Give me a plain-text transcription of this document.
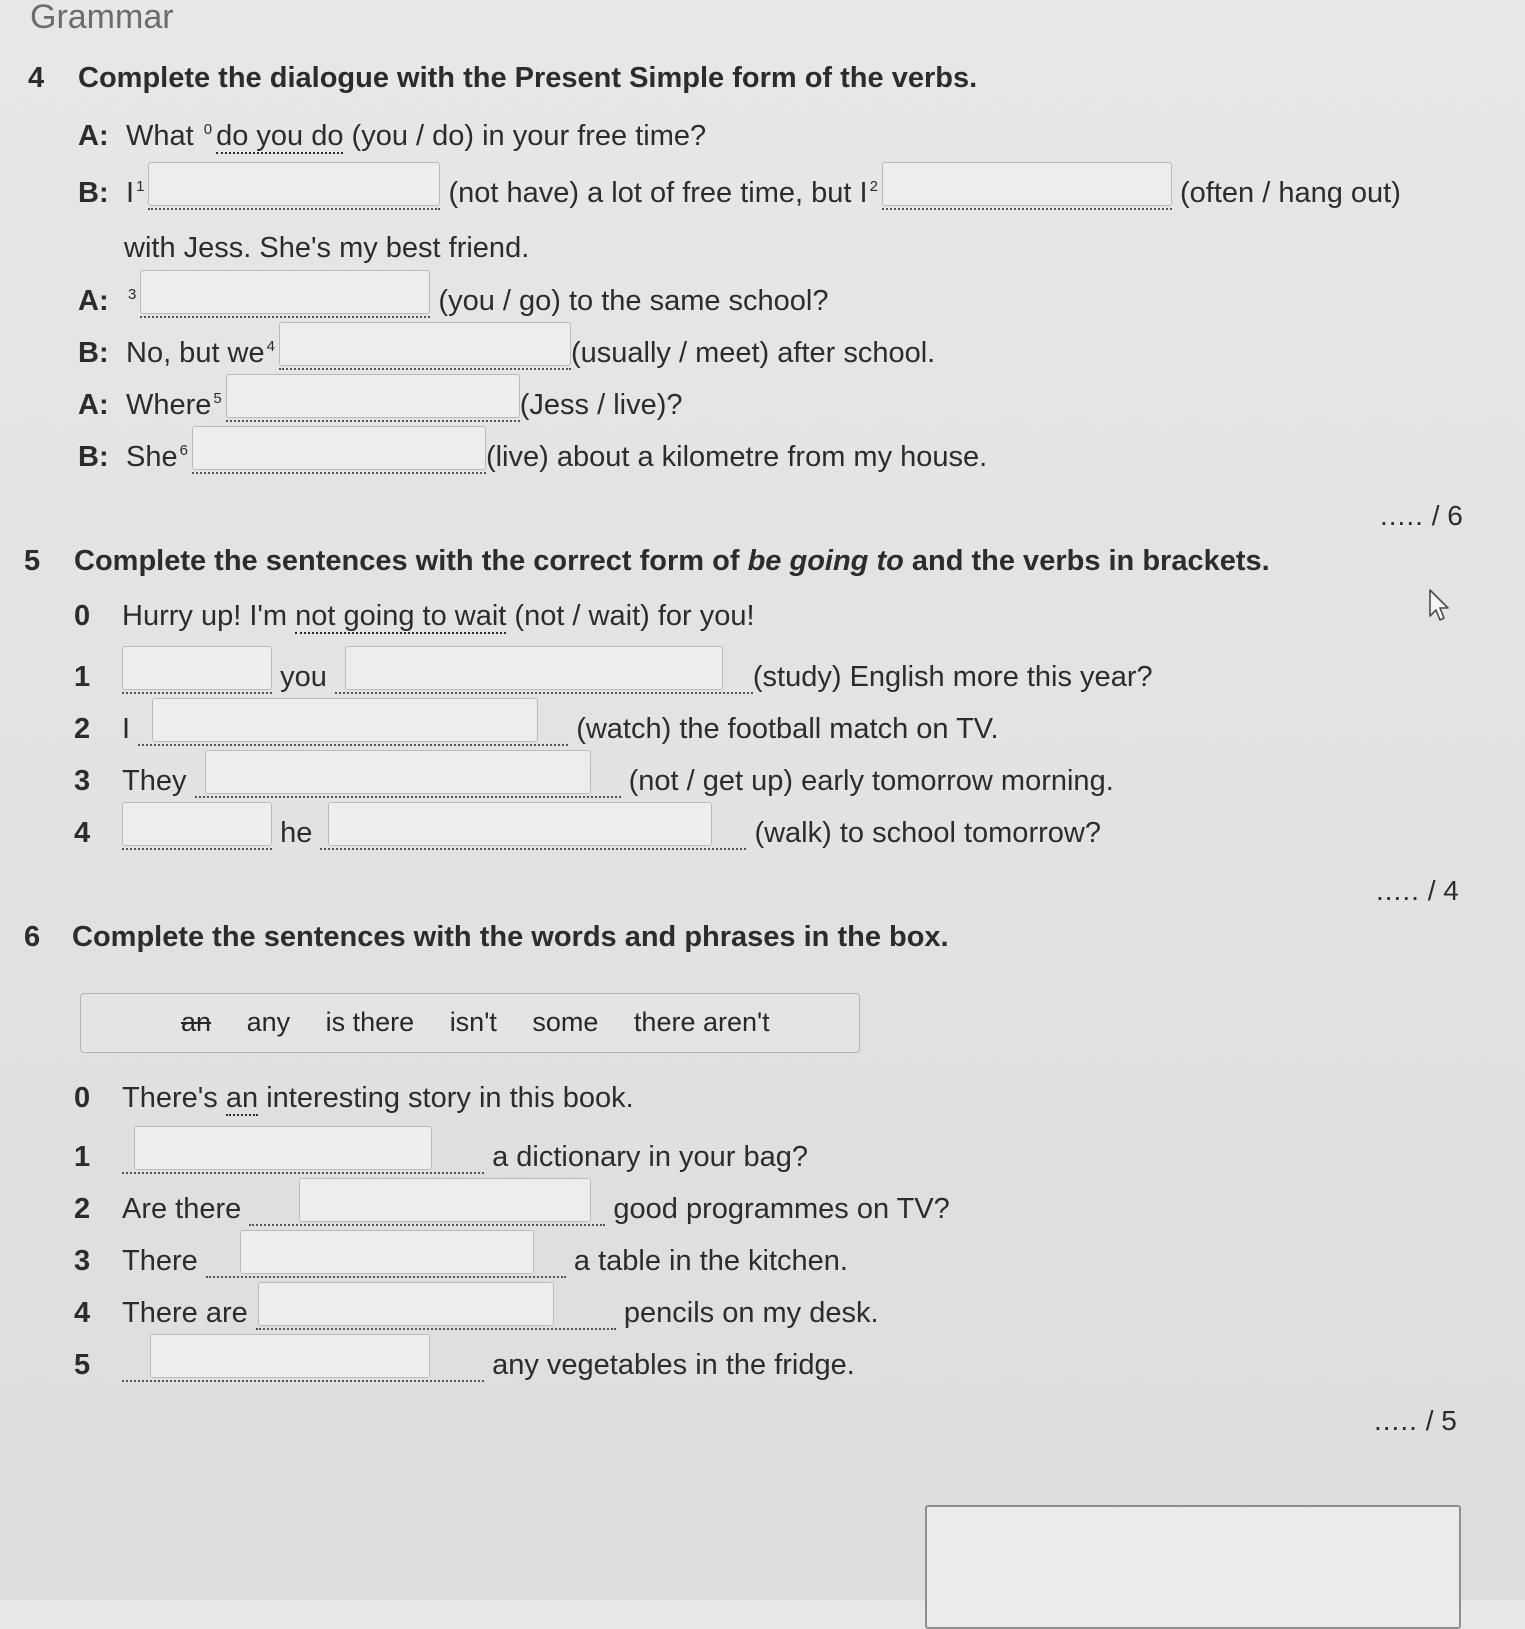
Grammar
4 Complete the dialogue with the Present Simple form of the verbs.
A: What $^0$ do you do (you / do) in your free time?
B: I $^1$	(not have) a lot of free time, but I $^2$	(often / hang out)
with Jess. She's my best friend.
A: $^3$	(you / go) to the same school?
B: No, but we $^4$	(usually / meet) after school.
A: Where $^5$	(Jess / live)?
B: She $^6$	(live) about a kilometre from my house.
..... / 6
5 Complete the sentences with the correct form of be going to and the verbs in brackets.
0 Hurry up! I'm not going to wait (not / wait) for you!
1	you	(study) English more this year?
2 I	(watch) the football match on TV.
3 They	(not / get up) early tomorrow morning.
4	he	(walk) to school tomorrow?
..... / 4
6 Complete the sentences with the words and phrases in the box.
an any is there isn't some there aren't
0 There's an interesting story in this book.
1	a dictionary in your bag?
2 Are there	good programmes on TV?
3 There	a table in the kitchen.
4 There are	pencils on my desk.
5	any vegetables in the fridge.
..... / 5
